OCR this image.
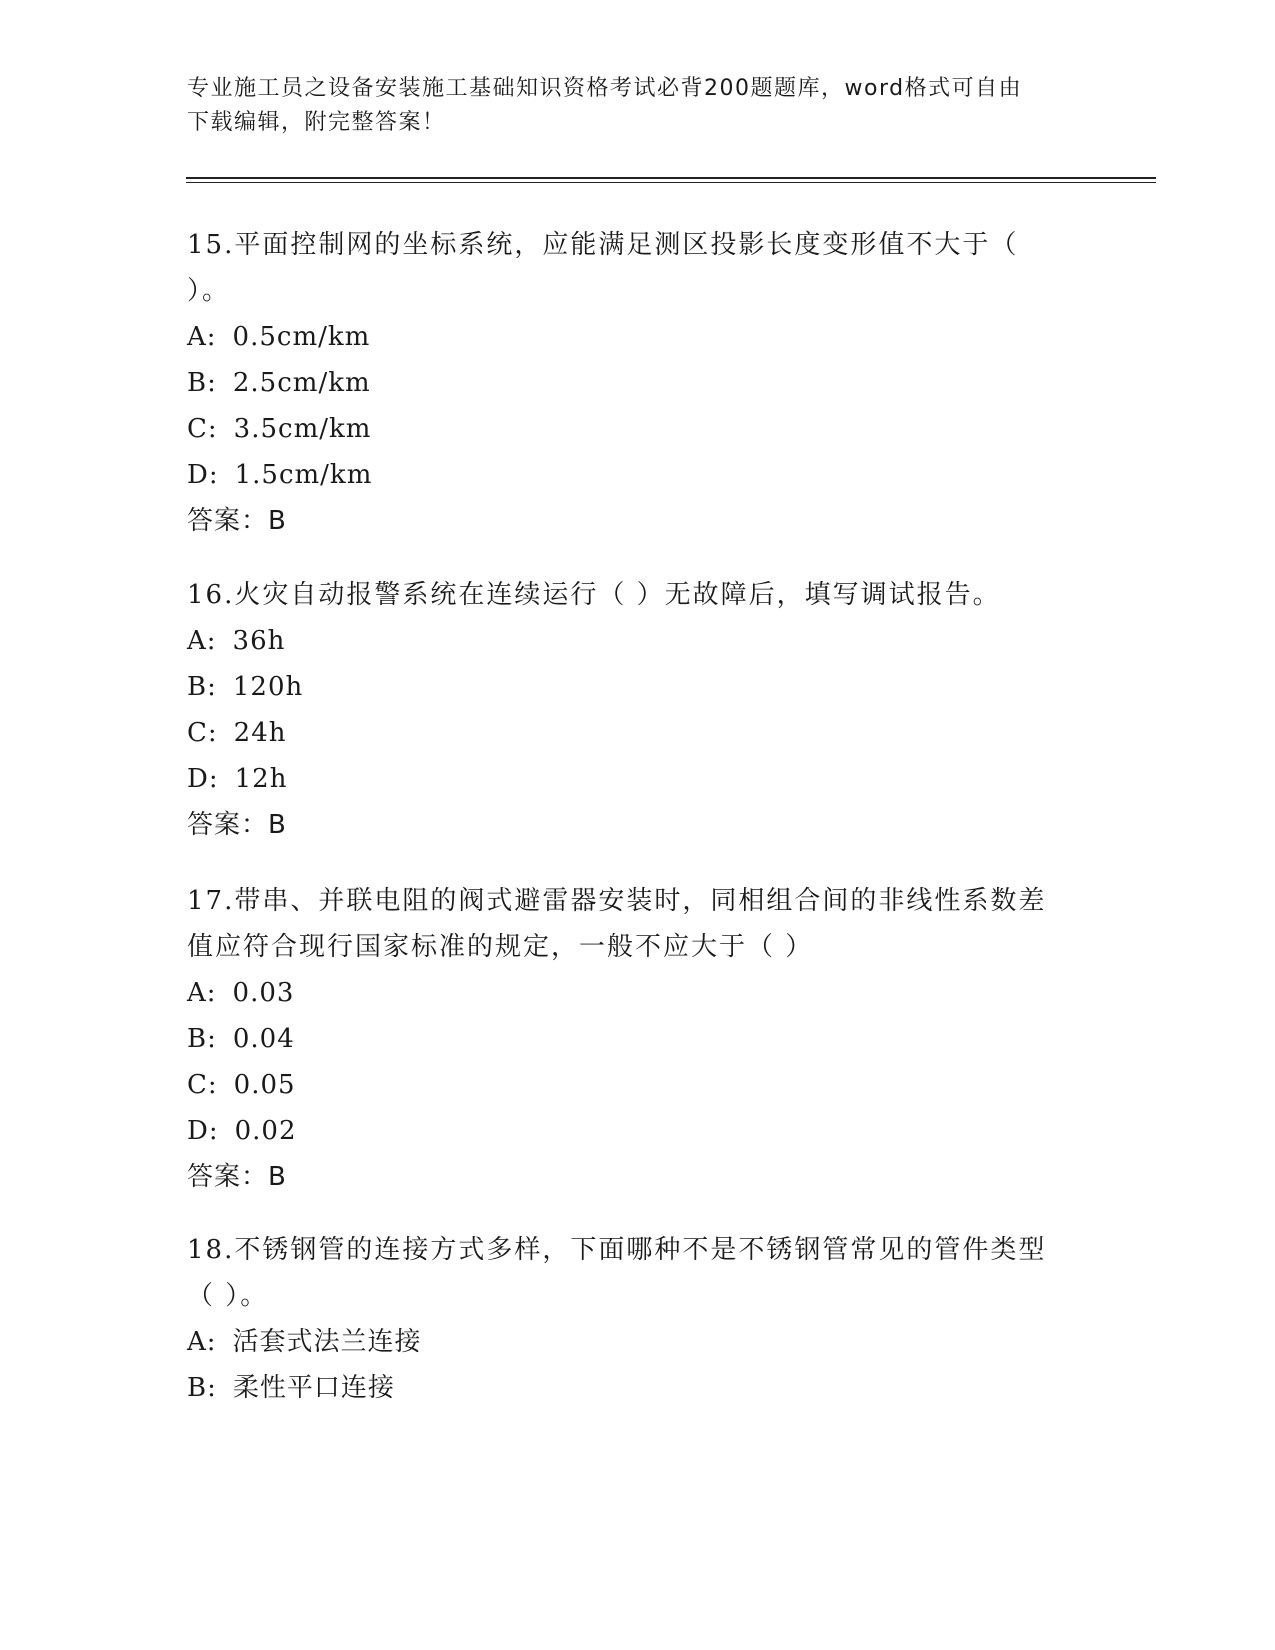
专业施工员之设备安装施工基础知识资格考试必背200题题库，word格式可自由
下载编辑，附完整答案！

15.平面控制网的坐标系统，应能满足测区投影长度变形值不大于（

）。

A: 0.5cm/km

B: 2.5cm/km

C: 3.5cm/km

D: 1.5cm/km

答案：B

16.火灾自动报警系统在连续运行（ ）无故障后，填写调试报告。

A: 36h

B: 120h

C: 24h

D: 12h

答案：B

17.带串、并联电阻的阀式避雷器安装时，同相组合间的非线性系数差

值应符合现行国家标准的规定，一般不应大于（ ）

A: 0.03

B: 0.04

C: 0.05

D: 0.02

答案：B

18.不锈钢管的连接方式多样，下面哪种不是不锈钢管常见的管件类型

（ ）。

A: 活套式法兰连接

B: 柔性平口连接
